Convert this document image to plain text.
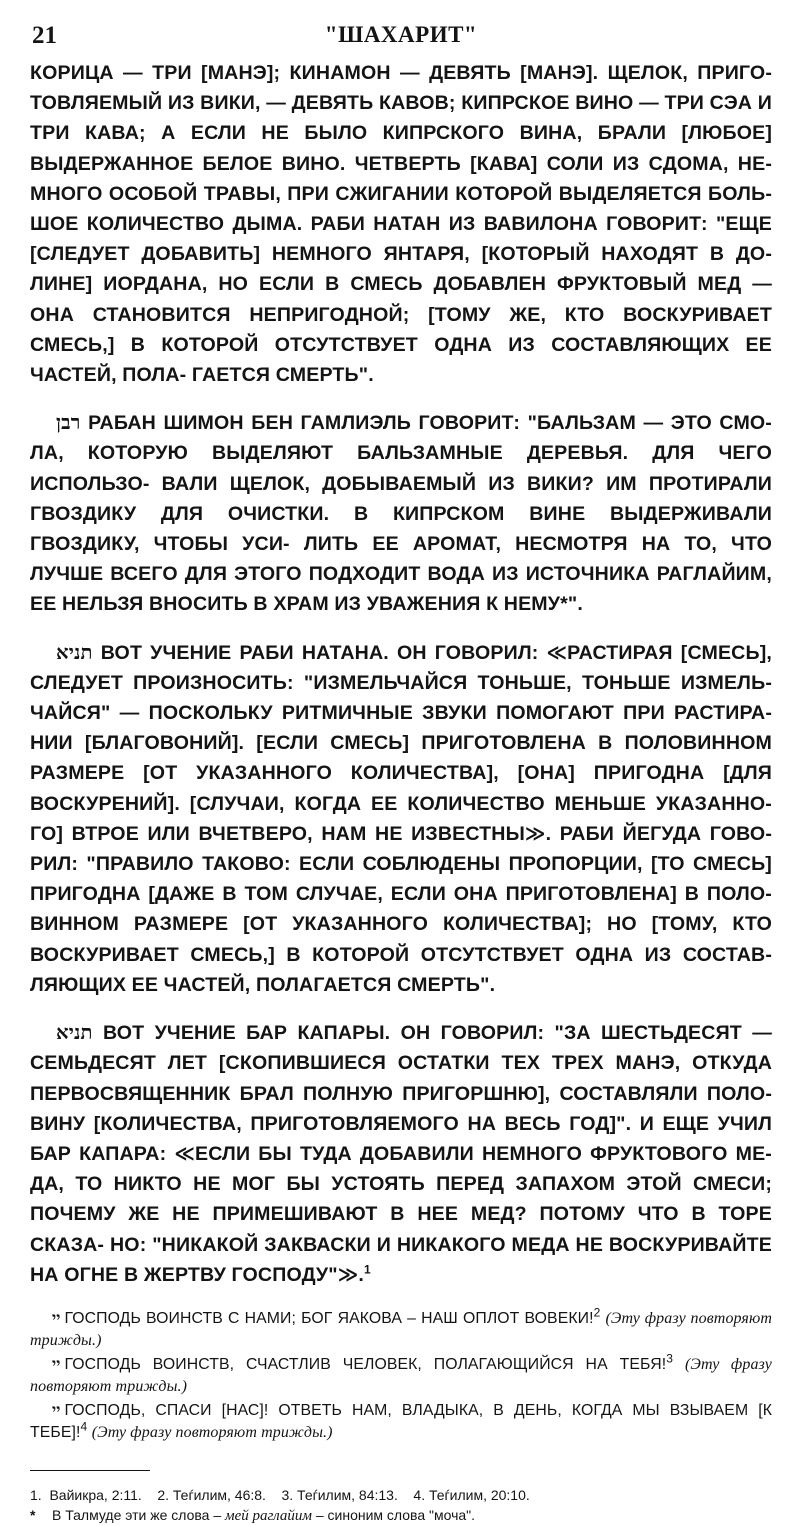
21	"ШАХАРИТ"

КОРИЦА — ТРИ [МАНЭ]; КИНАМОН — ДЕВЯТЬ [МАНЭ]. ЩЕЛОК, ПРИГО- ТОВЛЯЕМЫЙ ИЗ ВИКИ, — ДЕВЯТЬ КАВОВ; КИПРСКОЕ ВИНО — ТРИ СЭА И ТРИ КАВА; А ЕСЛИ НЕ БЫЛО КИПРСКОГО ВИНА, БРАЛИ [ЛЮБОЕ] ВЫДЕРЖАННОЕ БЕЛОЕ ВИНО. ЧЕТВЕРТЬ [КАВА] СОЛИ ИЗ СДОМА, НЕ- МНОГО ОСОБОЙ ТРАВЫ, ПРИ СЖИГАНИИ КОТОРОЙ ВЫДЕЛЯЕТСЯ БОЛЬ- ШОЕ КОЛИЧЕСТВО ДЫМА. РАБИ НАТАН ИЗ ВАВИЛОНА ГОВОРИТ: "ЕЩЕ [СЛЕДУЕТ ДОБАВИТЬ] НЕМНОГО ЯНТАРЯ, [КОТОРЫЙ НАХОДЯТ В ДО- ЛИНЕ] ИОРДАНА, НО ЕСЛИ В СМЕСЬ ДОБАВЛЕН ФРУКТОВЫЙ МЕД — ОНА СТАНОВИТСЯ НЕПРИГОДНОЙ; [ТОМУ ЖЕ, КТО ВОСКУРИВАЕТ СМЕСЬ,] В КОТОРОЙ ОТСУТСТВУЕТ ОДНА ИЗ СОСТАВЛЯЮЩИХ ЕЕ ЧАСТЕЙ, ПОЛА- ГАЕТСЯ СМЕРТЬ".

רבן РАБАН ШИМОН БЕН ГАМЛИЭЛЬ ГОВОРИТ: "БАЛЬЗАМ — ЭТО СМО- ЛА, КОТОРУЮ ВЫДЕЛЯЮТ БАЛЬЗАМНЫЕ ДЕРЕВЬЯ. ДЛЯ ЧЕГО ИСПОЛЬЗО- ВАЛИ ЩЕЛОК, ДОБЫВАЕМЫЙ ИЗ ВИКИ? ИМ ПРОТИРАЛИ ГВОЗДИКУ ДЛЯ ОЧИСТКИ. В КИПРСКОМ ВИНЕ ВЫДЕРЖИВАЛИ ГВОЗДИКУ, ЧТОБЫ УСИ- ЛИТЬ ЕЕ АРОМАТ, НЕСМОТРЯ НА ТО, ЧТО ЛУЧШЕ ВСЕГО ДЛЯ ЭТОГО ПОДХОДИТ ВОДА ИЗ ИСТОЧНИКА РАГЛАЙИМ, ЕЕ НЕЛЬЗЯ ВНОСИТЬ В ХРАМ ИЗ УВАЖЕНИЯ К НЕМУ*".

תניא ВОТ УЧЕНИЕ РАБИ НАТАНА. ОН ГОВОРИЛ: ≪РАСТИРАЯ [СМЕСЬ], СЛЕДУЕТ ПРОИЗНОСИТЬ: "ИЗМЕЛЬЧАЙСЯ ТОНЬШЕ, ТОНЬШЕ ИЗМЕЛЬ- ЧАЙСЯ" — ПОСКОЛЬКУ РИТМИЧНЫЕ ЗВУКИ ПОМОГАЮТ ПРИ РАСТИРА- НИИ [БЛАГОВОНИЙ]. [ЕСЛИ СМЕСЬ] ПРИГОТОВЛЕНА В ПОЛОВИННОМ РАЗМЕРЕ [ОТ УКАЗАННОГО КОЛИЧЕСТВА], [ОНА] ПРИГОДНА [ДЛЯ ВОСКУРЕНИЙ]. [СЛУЧАИ, КОГДА ЕЕ КОЛИЧЕСТВО МЕНЬШЕ УКАЗАННО- ГО] ВТРОЕ ИЛИ ВЧЕТВЕРО, НАМ НЕ ИЗВЕСТНЫ≫. РАБИ ЙЕГУДА ГОВО- РИЛ: "ПРАВИЛО ТАКОВО: ЕСЛИ СОБЛЮДЕНЫ ПРОПОРЦИИ, [ТО СМЕСЬ] ПРИГОДНА [ДАЖЕ В ТОМ СЛУЧАЕ, ЕСЛИ ОНА ПРИГОТОВЛЕНА] В ПОЛО- ВИННОМ РАЗМЕРЕ [ОТ УКАЗАННОГО КОЛИЧЕСТВА]; НО [ТОМУ, КТО ВОСКУРИВАЕТ СМЕСЬ,] В КОТОРОЙ ОТСУТСТВУЕТ ОДНА ИЗ СОСТАВ- ЛЯЮЩИХ ЕЕ ЧАСТЕЙ, ПОЛАГАЕТСЯ СМЕРТЬ".

תניא ВОТ УЧЕНИЕ БАР КАПАРЫ. ОН ГОВОРИЛ: "ЗА ШЕСТЬДЕСЯТ — СЕМЬДЕСЯТ ЛЕТ [СКОПИВШИЕСЯ ОСТАТКИ ТЕХ ТРЕХ МАНЭ, ОТКУДА ПЕРВОСВЯЩЕННИК БРАЛ ПОЛНУЮ ПРИГОРШНЮ], СОСТАВЛЯЛИ ПОЛО- ВИНУ [КОЛИЧЕСТВА, ПРИГОТОВЛЯЕМОГО НА ВЕСЬ ГОД]". И ЕЩЕ УЧИЛ БАР КАПАРА: ≪ЕСЛИ БЫ ТУДА ДОБАВИЛИ НЕМНОГО ФРУКТОВОГО МЕ- ДА, ТО НИКТО НЕ МОГ БЫ УСТОЯТЬ ПЕРЕД ЗАПАХОМ ЭТОЙ СМЕСИ; ПОЧЕМУ ЖЕ НЕ ПРИМЕШИВАЮТ В НЕЕ МЕД? ПОТОМУ ЧТО В ТОРЕ СКАЗА- НО: "НИКАКОЙ ЗАКВАСКИ И НИКАКОГО МЕДА НЕ ВОСКУРИВАЙТЕ НА ОГНЕ В ЖЕРТВУ ГОСПОДУ"≫.$^1$

יי ГОСПОДЬ ВОИНСТВ С НАМИ; БОГ ЯАКОВА – НАШ ОПЛОТ ВОВЕКИ!$^2$ (Эту фразу повторяют трижды.)

יי ГОСПОДЬ ВОИНСТВ, СЧАСТЛИВ ЧЕЛОВЕК, ПОЛАГАЮЩИЙСЯ НА ТЕБЯ!$^3$ (Эту фразу повторяют трижды.)

יי ГОСПОДЬ, СПАСИ [НАС]! ОТВЕТЬ НАМ, ВЛАДЫКА, В ДЕНЬ, КОГДА МЫ ВЗЫВАЕМ [К ТЕБЕ]!$^4$ (Эту фразу повторяют трижды.)

1.  Вайикра, 2:11.    2. Теѓилим, 46:8.    3. Теѓилим, 84:13.    4. Теѓилим, 20:10.

* В Талмуде эти же слова – мей раглайим – синоним слова "моча".
